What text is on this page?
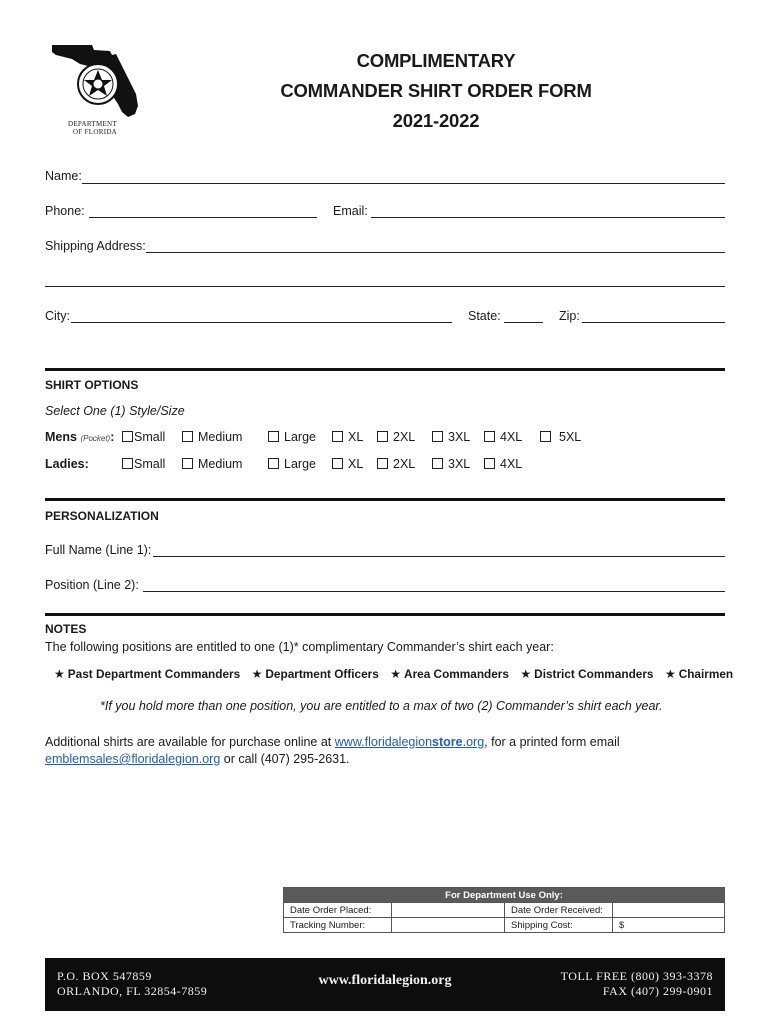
DEPARTMENT
OF FLORIDA
COMPLIMENTARY
COMMANDER SHIRT ORDER FORM
2021-2022
Name:
Phone:	Email:
Shipping Address:
City:	State:	Zip:
SHIRT OPTIONS
Select One (1) Style/Size
Mens (Pocket):	Small	Medium	Large	XL	2XL	3XL	4XL	5XL
Ladies:	Small	Medium	Large	XL	2XL	3XL	4XL
PERSONALIZATION
Full Name (Line 1):
Position (Line 2):
NOTES
The following positions are entitled to one (1)* complimentary Commander’s shirt each year:
★ Past Department Commanders ★ Department Officers ★ Area Commanders ★ District Commanders ★ Chairmen
*If you hold more than one position, you are entitled to a max of two (2) Commander’s shirt each year.
Additional shirts are available for purchase online at www.floridalegionstore.org, for a printed form email
emblemsales@floridalegion.org or call (407) 295-2631.
For Department Use Only:			
Date Order Placed:		Date Order Received:	
Tracking Number:		Shipping Cost:	$
P.O. BOX 547859
ORLANDO, FL 32854-7859
www.floridalegion.org	TOLL FREE (800) 393-3378
FAX (407) 299-0901
